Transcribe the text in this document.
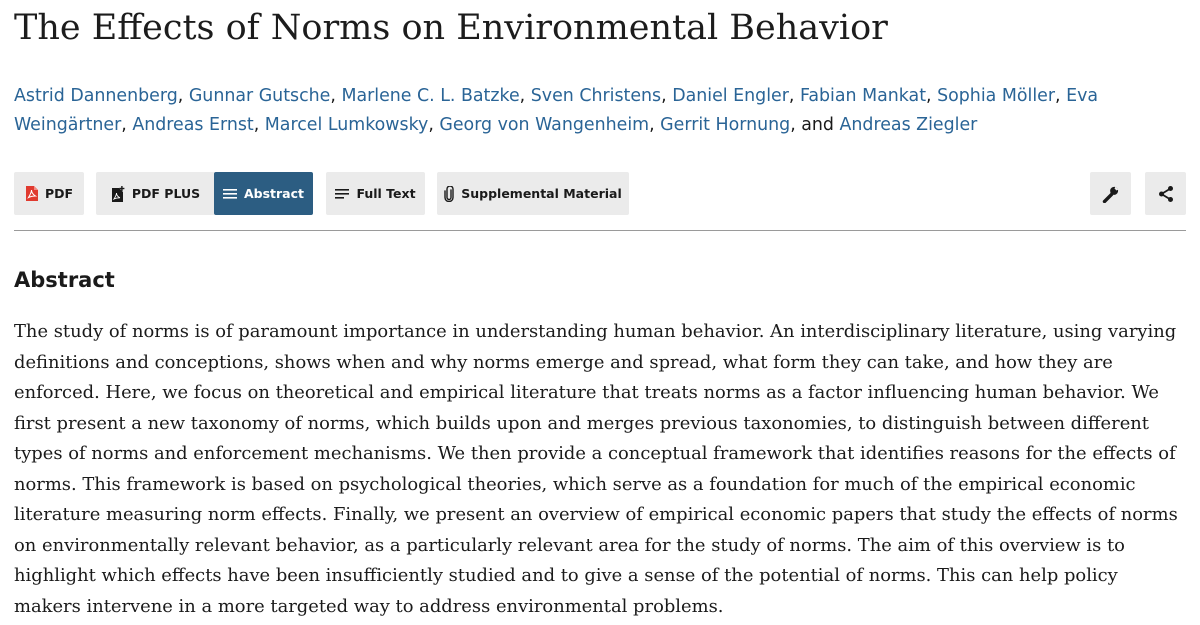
The Effects of Norms on Environmental Behavior
Astrid Dannenberg, Gunnar Gutsche, Marlene C. L. Batzke, Sven Christens, Daniel Engler, Fabian Mankat, Sophia Möller, Eva Weingärtner, Andreas Ernst, Marcel Lumkowsky, Georg von Wangenheim, Gerrit Hornung, and Andreas Ziegler
PDF	PDF PLUS	Abstract	Full Text	Supplemental Material
Abstract

The study of norms is of paramount importance in understanding human behavior. An interdisciplinary literature, using varying definitions and conceptions, shows when and why norms emerge and spread, what form they can take, and how they are enforced. Here, we focus on theoretical and empirical literature that treats norms as a factor influencing human behavior. We first present a new taxonomy of norms, which builds upon and merges previous taxonomies, to distinguish between different types of norms and enforcement mechanisms. We then provide a conceptual framework that identifies reasons for the effects of norms. This framework is based on psychological theories, which serve as a foundation for much of the empirical economic literature measuring norm effects. Finally, we present an overview of empirical economic papers that study the effects of norms on environmentally relevant behavior, as a particularly relevant area for the study of norms. The aim of this overview is to highlight which effects have been insufficiently studied and to give a sense of the potential of norms. This can help policy makers intervene in a more targeted way to address environmental problems.
